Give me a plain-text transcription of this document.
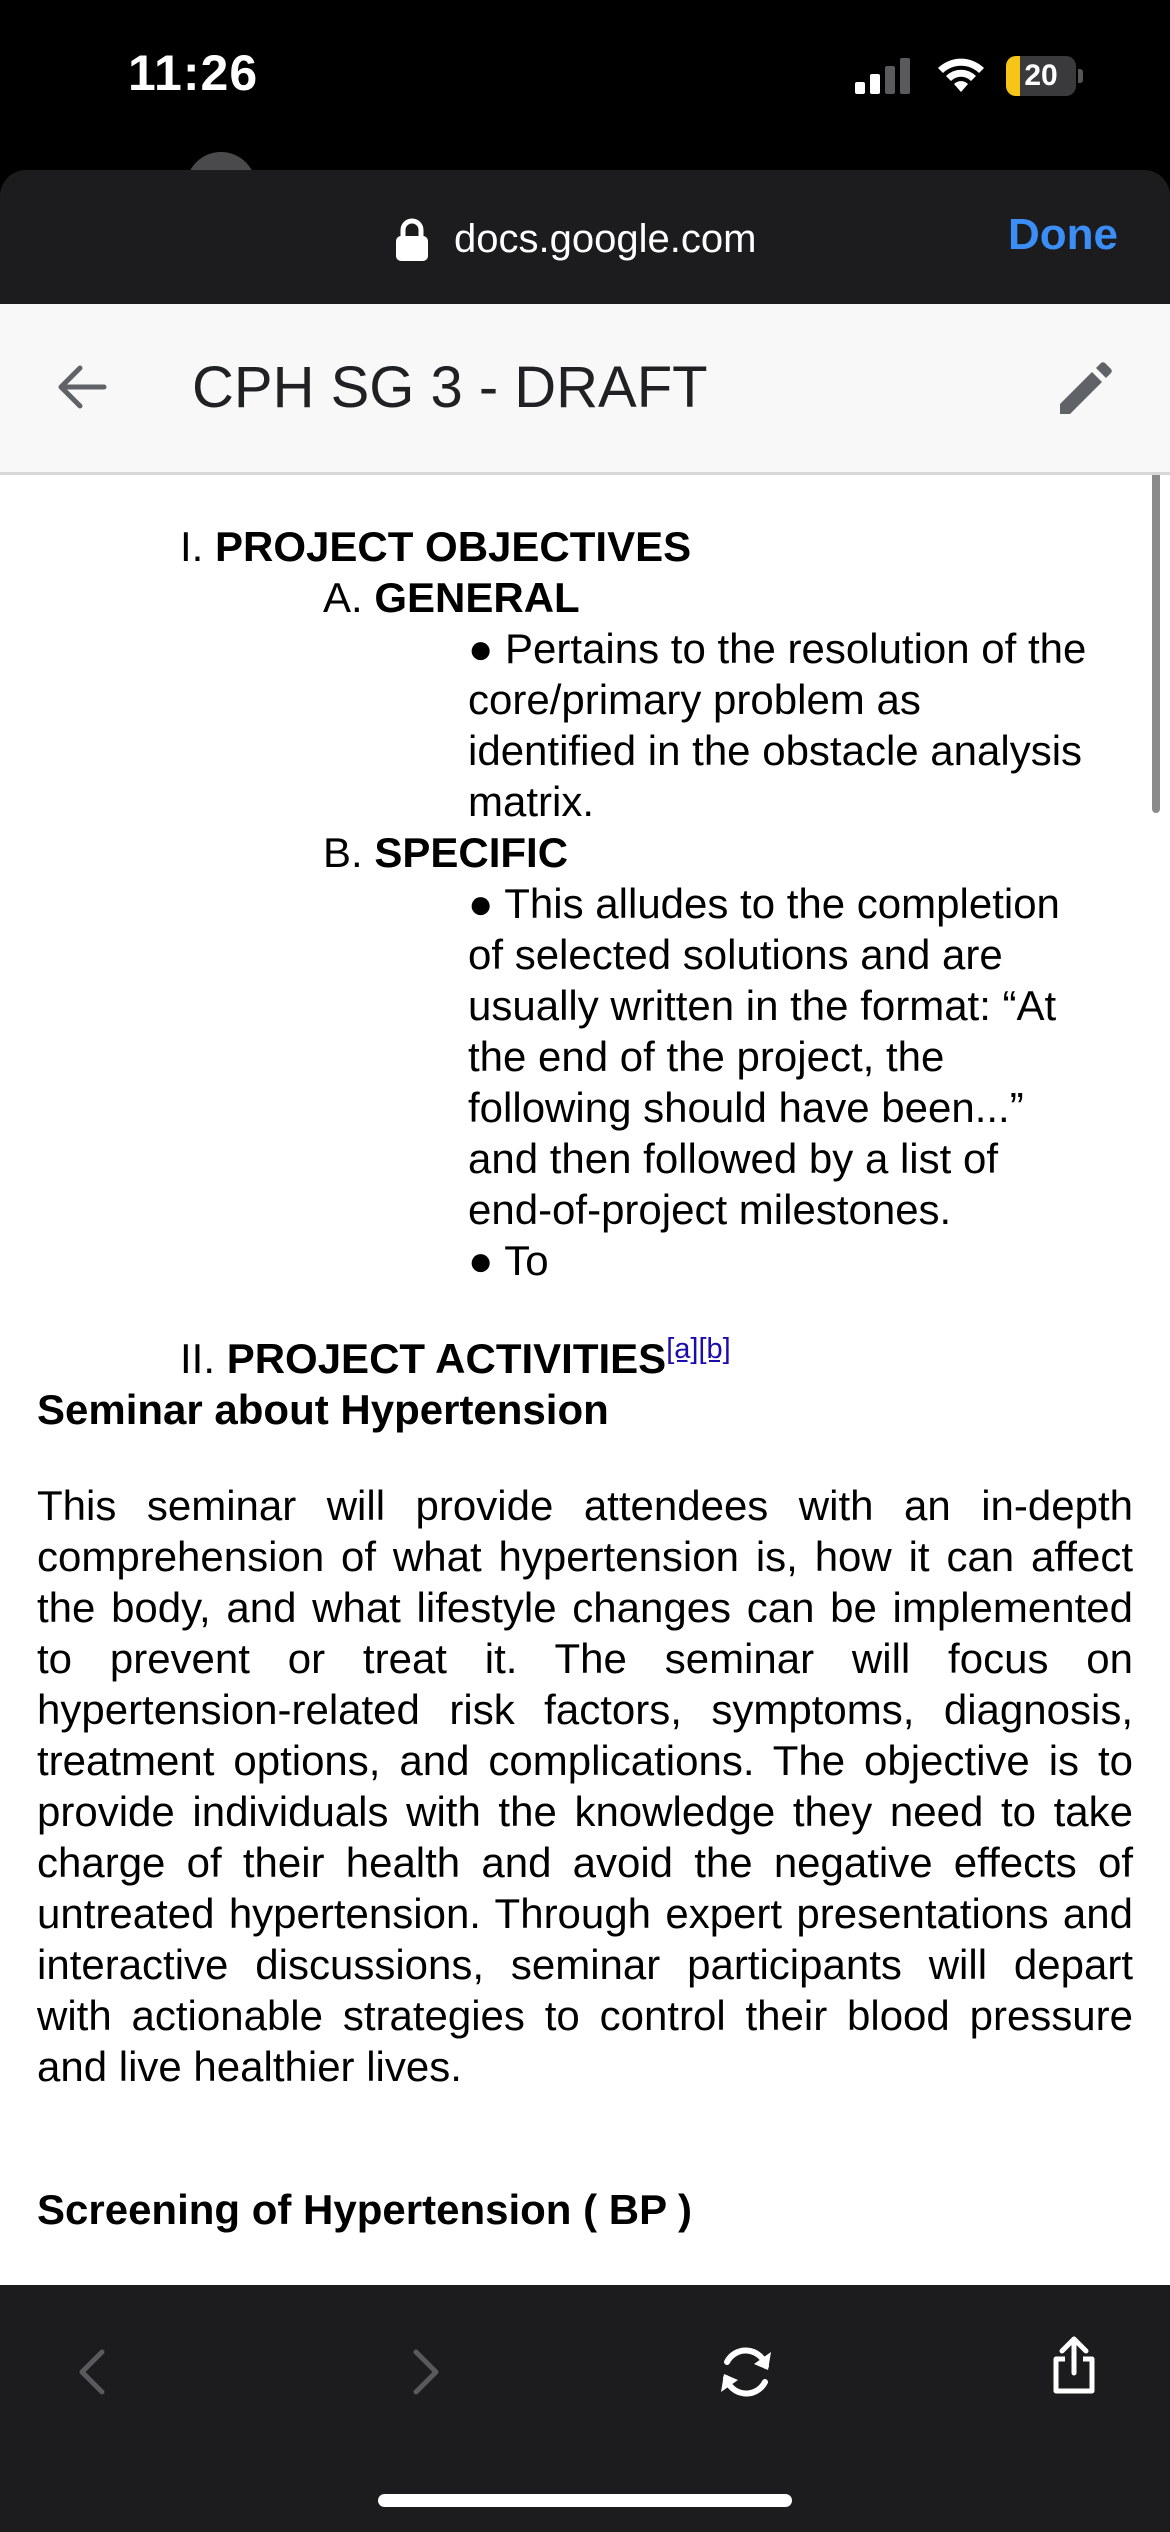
11:26	20
docs.google.com	Done
CPH SG 3 - DRAFT
I. PROJECT OBJECTIVES
A. GENERAL
● Pertains to the resolution of the
core/primary problem as
identified in the obstacle analysis
matrix.
B. SPECIFIC
● This alludes to the completion
of selected solutions and are
usually written in the format: “At
the end of the project, the
following should have been...”
and then followed by a list of
end-of-project milestones.
● To
II. PROJECT ACTIVITIES[a][b]
Seminar about Hypertension
This seminar will provide attendees with an in-depth comprehension of what hypertension is, how it can affect the body, and what lifestyle changes can be implemented to prevent or treat it. The seminar will focus on hypertension-related risk factors, symptoms, diagnosis, treatment options, and complications. The objective is to provide individuals with the knowledge they need to take charge of their health and avoid the negative effects of untreated hypertension. Through expert presentations and interactive discussions, seminar participants will depart with actionable strategies to control their blood pressure and live healthier lives.
Screening of Hypertension ( BP )
